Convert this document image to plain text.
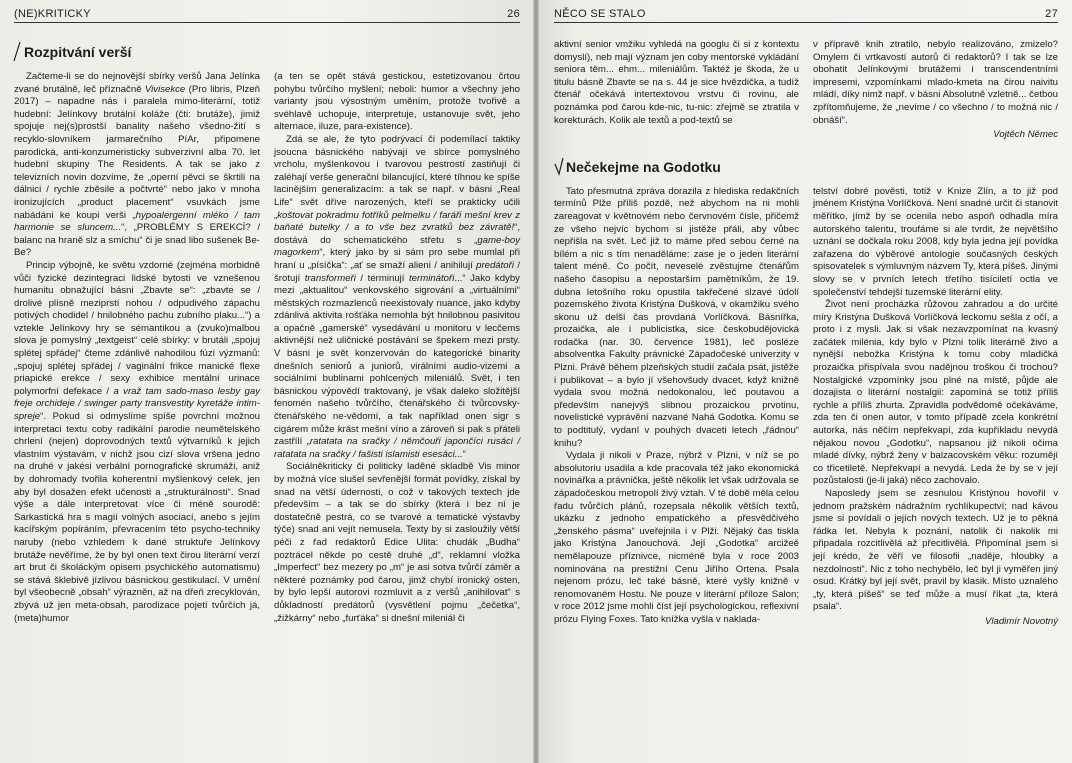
(NE)KRITICKY	26
Rozpitvání verší

Začteme-li se do nejnovější sbírky veršů Jana Jelínka zvané brutálně, leč příznačně Vivisekce (Pro libris, Plzeň 2017) – napadne nás i paralela mimo-literární, totiž hudební: Jelínkovy brutální koláže (čti: brutáže), jimiž spojuje nej(s)prostší banality našeho všedno-žití s recyklo-slovníkem jarmarečního PíAr, připomene parodická, anti-konzumeristicky subverzivní alba 70. let hudební skupiny The Residents. A tak se jako z televizních novin dozvíme, že „operní pěvci se škrtili na dálnici / rychle zběsile a počtvrté“ nebo jako v mnoha ironizujících „product placement“ vsuvkách jsme nabádáni ke koupi verši „hypoalergenní mléko / tam harmonie se sluncem...“, „PROBLÉMY S EREKCÍ? / balanc na hraně slz a smíchu“ či je snad libo sušenek Be-Be?

Princip výbojně, ke světu vzdorné (zejména morbidně vůči fyzické dezintegraci lidské bytosti ve vznešenou humanitu obnažující básni „Zbavte se“: „zbavte se / drolivé plísně meziprstí nohou / odpudivého zápachu potivých chodidel / hnilobného pachu zubního plaku...“) a vztekle Jelínkovy hry se sémantikou a (zvuko)malbou slova je pomyslný „textgeist“ celé sbírky: v brutáli „spojuj splétej spřádej“ čteme zdánlivě nahodilou fúzi výzmanů: „spojuj splétej spřádej / vaginální frikce manické flexe priapické erekce / sexy exhibice mentální urinace polymorfní defekace / a vraž tam sado-maso lesby gay freje orchideje / swinger party transvestity kyretáže intim-spreje“. Pokud si odmyslíme spíše povrchní možnou interpretaci textu coby radikální parodie neumětelského chrlení (nejen) doprovodných textů výtvarníků k jejich vlastním výstavám, v nichž jsou cizí slova vršena jedno na druhé v jakési verbální pornografické skrumáži, aniž by dohromady tvořila koherentní myšlenkový celek, jen aby byl dosažen efekt učenosti a „strukturálnosti“. Snad výše a dále interpretovat více či méně sourodě: Sarkastická hra s magií volných asociací, anebo s jejím kacířským popíráním, převracením této psycho-techniky naruby (nebo vzhledem k dané struktuře Jelínkovy brutáže nevěříme, že by byl onen text čirou literární verzí art brut či školáckým opisem psychického automatismu) se stává šklebivě jízlivou básnickou gestikulací. V umění byl všeobecně „obsah“ výrazněn, až na dřeň zrecyklován, zbývá už jen meta-obsah, parodizace pojetí tvůrčích já, (meta)humor

(a ten se opět stává gestickou, estetizovanou črtou pohybu tvůrčího myšlení; neboli: humor a všechny jeho varianty jsou výsostným uměním, protože tvořivě a svéhlavě uchopuje, interpretuje, ustanovuje svět, jeho alternace, iluze, para-existence).

Zdá se ale, že tyto podrývací či podemílací taktiky jsoucna básnického nabývají ve sbírce pomyslného vrcholu, myšlenkovou i tvarovou pestrostí zastiňují či zaléhají verše generační bilancující, které tíhnou ke spíše lacinějším generalizacím: a tak se např. v básni „Real Life“ svět dříve narozených, kteří se prakticky učili „koštovat pokradmu fotříků pelmelku / faráři mešní krev z baňaté butelky / a to vše bez zvratků bez závratě!“, dostává do schematického střetu s „game-boy magorkem“, který jako by si sám pro sebe mumlal při hraní u „písíčka“: „ať se smaží alieni / anihilují predátoři / šrotují transformeři / terminují terminátoři...“ Jako kdyby mezi „aktualitou“ venkovského sigrování a „virtuálními“ městských rozmazlenců neexistovaly nuance, jako kdyby zdánlivá aktivita rošťáka nemohla být hnilobnou pasivitou a opačně „gamerské“ vysedávání u monitoru v lecčems aktivnější než uličnické postávání se špekem mezi prsty. V básni je svět konzervován do kategorické binarity dnešních seniorů a juniorů, virálními audio-vizemi a sociálními bublinami pohlcených mileniálů. Svět, i ten básnickou výpovědí traktovaný, je však daleko složitější fenomén našeho tvůrčího, čtenářského či tvůrcovsky-čtenářského ne-vědomí, a tak například onen sigr s cigárem může krást mešní víno a zároveň si pak s přáteli zastřílí „ratatata na sračky / němčouři japončíci rusáci / ratatata na sračky / fašisti islamisti esesáci...“

Sociálněkriticky či politicky laděné skladbě Vis minor by možná více slušel sevřenější formát povídky, získal by snad na větší údernosti, o což v takových textech jde především – a tak se do sbírky (která i bez ní je dostatečně pestrá, co se tvarové a tematické výstavby týče) snad ani vejít nemusela. Texty by si zasloužily větší péči z řad redaktorů Edice Ulita: chudák „Budha“ poztrácel někde po cestě druhé „d“, reklamní vložka „Imperfect“ bez mezery po „m“ je asi sotva tvůrčí záměr a některé poznámky pod čarou, jimž chybí ironický osten, by bylo lepší autorovi rozmluvit a z veršů „anihilovat“ s důkladností predátorů (vysvětlení pojmu „čečetka“, „žižkárny“ nebo „furťáka“ si dnešní mileniál či

NĚCO SE STALO	27

aktivní senior vmžiku vyhledá na googlu či si z kontextu domyslí), neb mají význam jen coby mentorské vykládání seniora těm... ehm... mileniálům. Taktéž je škoda, že u titulu básně Zbavte se na s. 44 je sice hvězdička, a tudíž čtenář očekává intertextovou vrstvu či rovinu, ale poznámka pod čarou kde-nic, tu-nic: zřejmě se ztratila v korekturách. Kolik ale textů a pod-textů se

v přípravě knih ztratilo, nebylo realizováno, zmizelo? Omylem či vrtkavostí autorů či redaktorů? I tak se lze obohatit Jelínkovými brutážemi i transcendentními impresemi, vzpomínkami mlado-kmeta na čirou naivitu mládí, díky nimž např. v básni Absolutně vzletně... četbou zpřítomňujeme, že „nevíme / co všechno / to možná nic / obnáší“.

Vojtěch Němec
Nečekejme na Godotku

Tato přesmutná zpráva dorazila z hlediska redakčních termínů Plže příliš pozdě, než abychom na ni mohli zareagovat v květnovém nebo červnovém čísle, přičemž ze všeho nejvíc bychom si jistěže přáli, aby vůbec nepřišla na svět. Leč již to máme před sebou černé na bílém a nic s tím nenaděláme: zase je o jeden literární talent méně. Co počít, neveselé zvěstujme čtenářům našeho časopisu a nepostarším pamětníkům, že 19. dubna letošního roku opustila takřečené slzavé údolí pozemského života Kristýna Dušková, v okamžiku svého skonu už delší čas provdaná Vorlíčková. Básnířka, prozaička, ale i publicistka, sice českobudějovická rodačka (nar. 30. července 1981), leč posléze absolventka Fakulty právnické Západočeské univerzity v Plzni. Právě během plzeňských studií začala psát, jistěže i publikovat – a bylo jí všehovšudy dvacet, když knižně vydala svou možná nedokonalou, leč poutavou a především nanejvýš slibnou prozaickou prvotinu, novelistické vyprávění nazvané Nahá Godotka. Komu se to podtitulý, vydaní v pouhých dvaceti letech „řádnou“ knihu?

Vydala ji nikoli v Praze, nýbrž v Plzni, v níž se po absolutoriu usadila a kde pracovala též jako ekonomická novinářka a právnička, ještě několik let však udržovala se západočeskou metropolí živý vztah. V té době měla celou řadu tvůrčích plánů, rozepsala několik větších textů, ukázku z jednoho empatického a přesvědčivého „ženského pásma“ uveřejnila i v Plži. Nějaký čas tiskla jako Kristýna Janouchová. Její „Godotka“ arcižeě nemělapouze příznivce, nicméně byla v roce 2003 nominována na prestižní Cenu Jiřího Ortena. Psala nejenom prózu, leč také básně, které vyšly knižně v renomovaném Hostu. Ne pouze v literární příloze Salon; v roce 2012 jsme mohli číst její psychologickou, reflexivní prózu Flying Foxes. Tato knížka vyšla v naklada-

telství dobré pověsti, totiž v Knize Zlín, a to již pod jménem Kristýna Vorlíčková. Není snadné určit či stanovit měřítko, jímž by se ocenila nebo aspoň odhadla míra autorského talentu, troufáme si ale tvrdit, že největšího uznání se dočkala roku 2008, kdy byla jedna její povídka zařazena do výběrové antologie současných českých spisovatelek s výmluvným názvem Ty, která píšeš. Jinými slovy se v prvních letech třetího tisíciletí octla ve společenství tehdejší tuzemské literární elity.

Život není procházka růžovou zahradou a do určité míry Kristýna Dušková Vorlíčková leckomu sešla z očí, a proto i z mysli. Jak si však nezavzpomínat na kvasný začátek milénia, kdy bylo v Plzni tolik literárně živo a nynější nebožka Kristýna k tomu coby mladičká prozaička přispívala svou nadějnou troškou či trochou? Nostalgické vzpomínky jsou plné na místě, půjde ale dozajista o literární nostalgii: zapomíná se totiž příliš rychle a příliš zhurta. Zpravidla podvědomě očekáváme, zda ten či onen autor, v tomto případě zcela konkrétní autorka, nás něčím nepřekvapí, zda kupříkladu nevydá nějakou novou „Godotku“, napsanou již nikoli očima mladé dívky, nýbrž ženy v balzacovském věku: rozumějí co třicetiletě. Nepřekvapí a nevydá. Leda že by se v její pozůstalosti (je-li jaká) něco zachovalo.

Naposledy jsem se zesnulou Kristýnou hovořil v jednom pražském nádražním rychlíkupectví; nad kávou jsme si povídali o jejích nových textech. Už je to pěkná řádka let. Nebyla k poznání, natolik či nakolik mi připadala rozcitlivělá až přecitlivělá. Připomínal jsem si její krédo, že věří ve filosofii „naděje, hloubky a nezdolnosti“. Nic z toho nechybělo, leč byl ji vyměřen jiný osud. Krátký byl její svět, pravil by klasik. Místo uznalého „ty, která píšeš“ se teď může a musí říkat „ta, která psala“.

Vladimír Novotný
